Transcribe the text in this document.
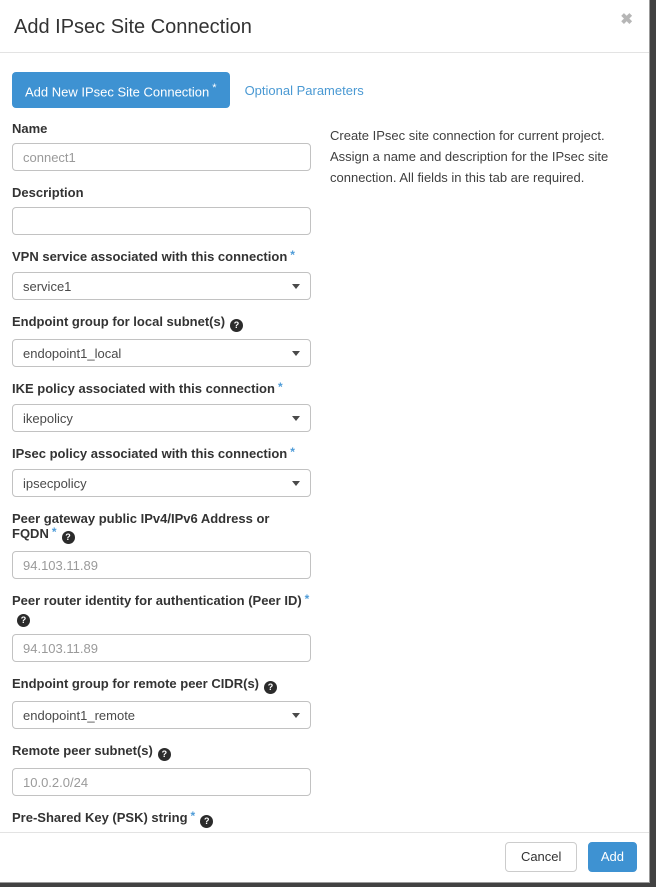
Add IPsec Site Connection	✖
Add New IPsec Site Connection *	Optional Parameters
Name
connect1
Description
VPN service associated with this connection *
service1
Endpoint group for local subnet(s) ?
endopoint1_local
IKE policy associated with this connection *
ikepolicy
IPsec policy associated with this connection *
ipsecpolicy
Peer gateway public IPv4/IPv6 Address or FQDN * ?
94.103.11.89
Peer router identity for authentication (Peer ID) *?
94.103.11.89
Endpoint group for remote peer CIDR(s) ?
endopoint1_remote
Remote peer subnet(s) ?
10.0.2.0/24
Pre-Shared Key (PSK) string * ?
••••••
Create IPsec site connection for current project. Assign a name and description for the IPsec site connection. All fields in this tab are required.
Cancel	Add
